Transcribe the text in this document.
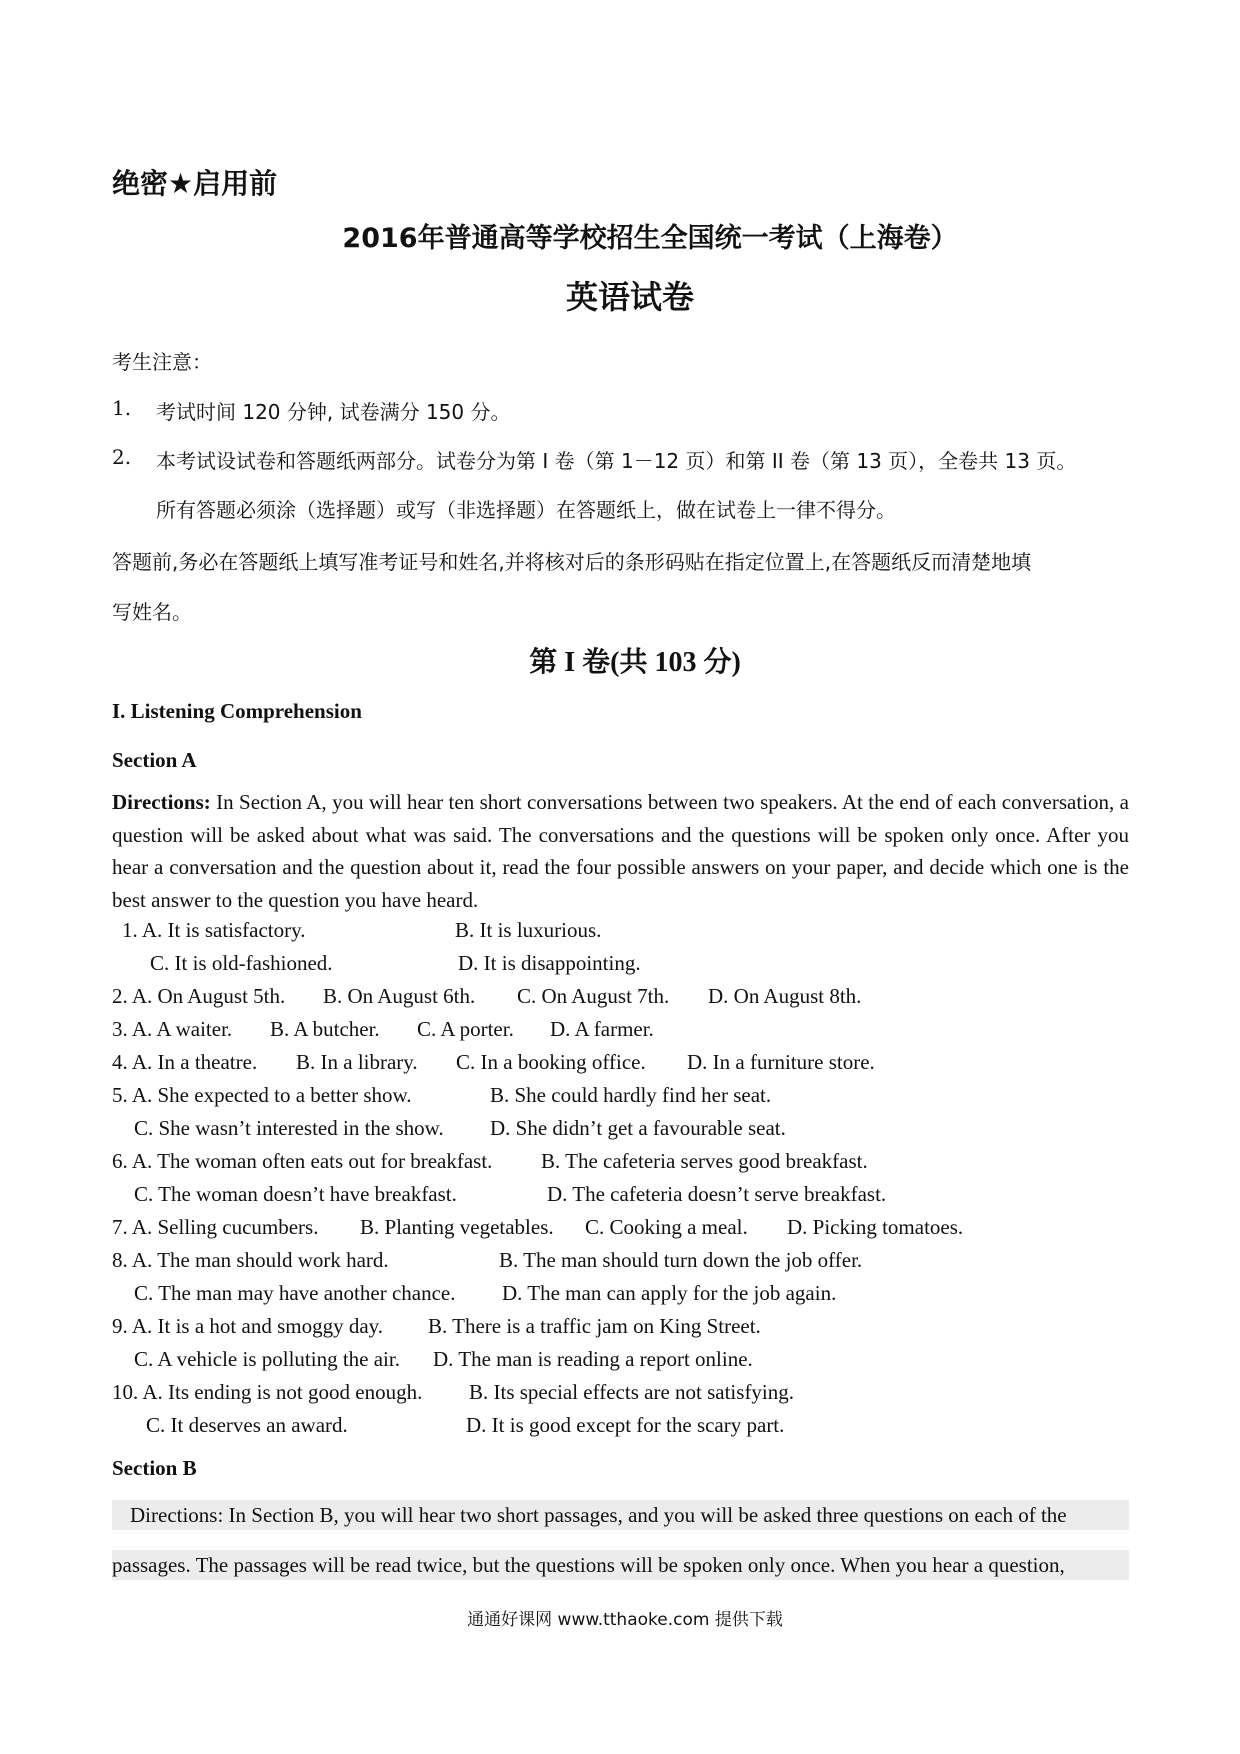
绝密★启用前
2016年普通高等学校招生全国统一考试（上海卷）
英语试卷
考生注意：
1. 考试时间 120 分钟, 试卷满分 150 分。
2. 本考试设试卷和答题纸两部分。试卷分为第 I 卷（第 1－12 页）和第 II 卷（第 13 页），全卷共 13 页。
所有答题必须涂（选择题）或写（非选择题）在答题纸上，做在试卷上一律不得分。
答题前,务必在答题纸上填写准考证号和姓名,并将核对后的条形码贴在指定位置上,在答题纸反而清楚地填
写姓名。
第 I 卷(共 103 分)
I. Listening Comprehension
Section A
Directions: In Section A, you will hear ten short conversations between two speakers. At the end of each conversation, a question will be asked about what was said. The conversations and the questions will be spoken only once. After you hear a conversation and the question about it, read the four possible answers on your paper, and decide which one is the best answer to the question you have heard.
1. A. It is satisfactory.	B. It is luxurious.
C. It is old-fashioned.	D. It is disappointing.
2. A. On August 5th. B. On August 6th. C. On August 7th. D. On August 8th.
3. A. A waiter. B. A butcher. C. A porter. D. A farmer.
4. A. In a theatre. B. In a library. C. In a booking office. D. In a furniture store.
5. A. She expected to a better show.	B. She could hardly find her seat.
C. She wasn’t interested in the show. D. She didn’t get a favourable seat.
6. A. The woman often eats out for breakfast. B. The cafeteria serves good breakfast.
C. The woman doesn’t have breakfast.	D. The cafeteria doesn’t serve breakfast.
7. A. Selling cucumbers. B. Planting vegetables. C. Cooking a meal. D. Picking tomatoes.
8. A. The man should work hard.	B. The man should turn down the job offer.
C. The man may have another chance. D. The man can apply for the job again.
9. A. It is a hot and smoggy day. B. There is a traffic jam on King Street.
C. A vehicle is polluting the air. D. The man is reading a report online.
10. A. Its ending is not good enough. B. Its special effects are not satisfying.
C. It deserves an award.	D. It is good except for the scary part.
Section B
Directions: In Section B, you will hear two short passages, and you will be asked three questions on each of the
passages. The passages will be read twice, but the questions will be spoken only once. When you hear a question,
通通好课网 www.tthaoke.com 提供下载
